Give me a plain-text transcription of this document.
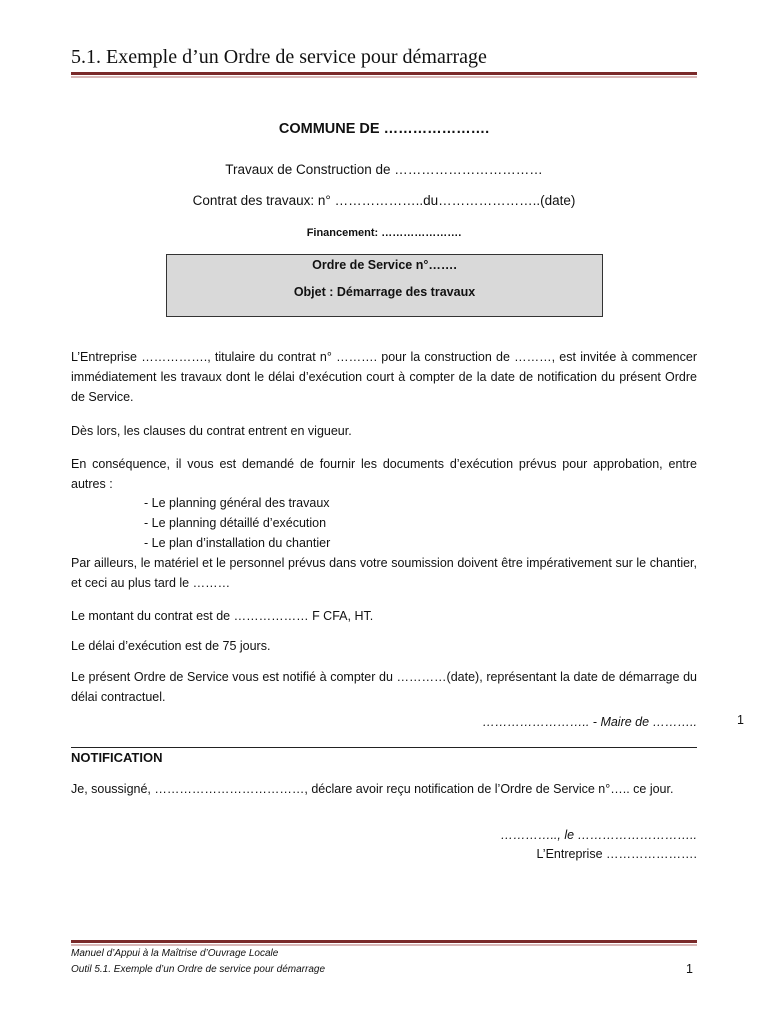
5.1. Exemple d’un Ordre de service pour démarrage
COMMUNE DE ………………….
Travaux de Construction de ……………………………
Contrat des travaux: n° ………………..du…………………..(date)
Financement: ………………….
Ordre de Service n°…….
Objet : Démarrage des travaux
L’Entreprise ……………., titulaire du contrat n° ………. pour la construction de ………, est invitée à commencer immédiatement les travaux dont le délai d’exécution court à compter de la date de notification du présent Ordre de Service.
Dès lors, les clauses du contrat entrent en vigueur.
En conséquence, il vous est demandé de fournir les documents d’exécution prévus pour approbation, entre autres :
- Le planning général des travaux
- Le planning détaillé d’exécution
- Le plan d’installation du chantier
Par ailleurs, le matériel et le personnel prévus dans votre soumission doivent être impérativement sur le chantier, et ceci au plus tard le ………
Le montant du contrat est de ……………… F CFA, HT.
Le délai d’exécution est de 75 jours.
Le présent Ordre de Service vous est notifié à compter du …………(date), représentant la date de démarrage du délai contractuel.
…………………….. - Maire de ………..	1
NOTIFICATION
Je, soussigné, ………………………………, déclare avoir reçu notification de l’Ordre de Service n°….. ce jour.
………….., le ………………………..
L’Entreprise ………………….
Manuel d’Appui à la Maîtrise d’Ouvrage Locale
Outil 5.1. Exemple d’un Ordre de service pour démarrage	1
